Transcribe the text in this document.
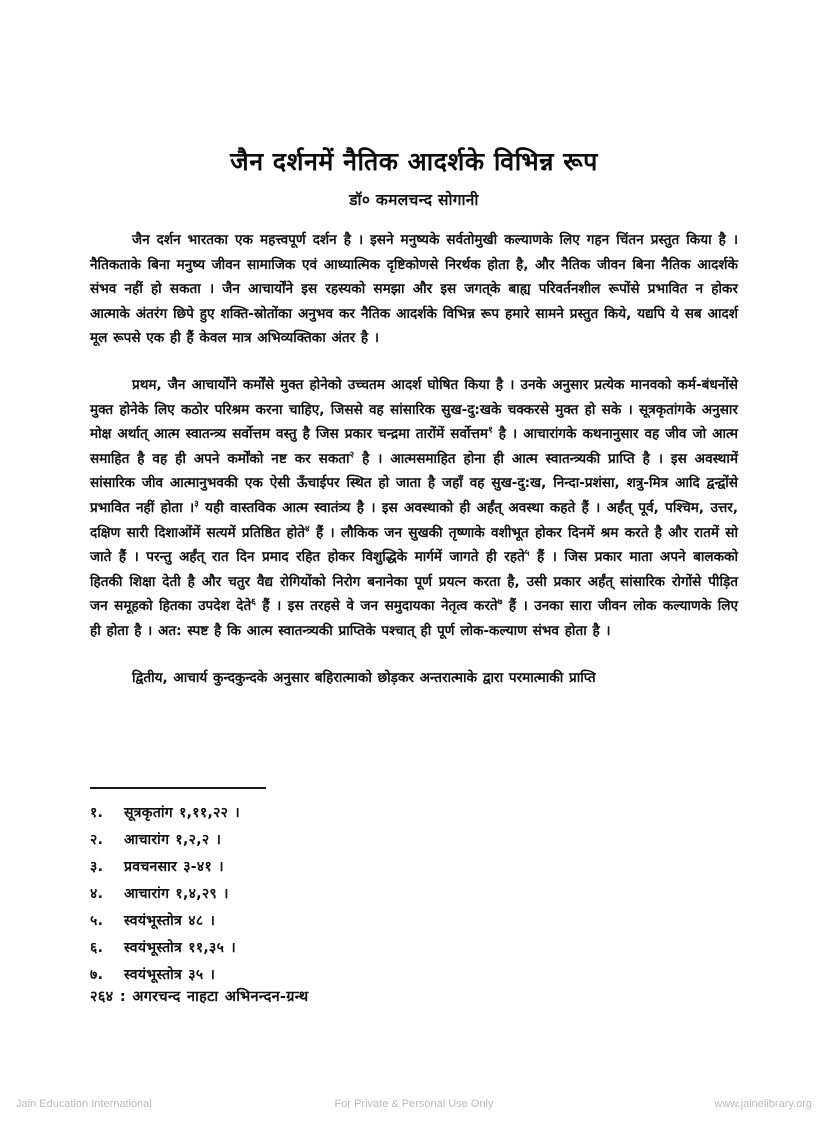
जैन दर्शनमें नैतिक आदर्शके विभिन्न रूप
डॉ० कमलचन्द सोगानी

जैन दर्शन भारतका एक महत्त्वपूर्ण दर्शन है । इसने मनुष्यके सर्वतोमुखी कल्याणके लिए गहन चिंतन प्रस्तुत किया है । नैतिकताके बिना मनुष्य जीवन सामाजिक एवं आध्यात्मिक दृष्टिकोणसे निरर्थक होता है, और नैतिक जीवन बिना नैतिक आदर्शके संभव नहीं हो सकता । जैन आचार्योंने इस रहस्यको समझा और इस जगत्‌के बाह्य परिवर्तनशील रूपोंसे प्रभावित न होकर आत्माके अंतरंग छिपे हुए शक्ति-स्रोतोंका अनुभव कर नैतिक आदर्शके विभिन्न रूप हमारे सामने प्रस्तुत किये, यद्यपि ये सब आदर्श मूल रूपसे एक ही हैं केवल मात्र अभिव्यक्तिका अंतर है ।

प्रथम, जैन आचार्योंने कर्मोंसे मुक्त होनेको उच्चतम आदर्श घोषित किया है । उनके अनुसार प्रत्येक मानवको कर्म-बंधनोंसे मुक्त होनेके लिए कठोर परिश्रम करना चाहिए, जिससे वह सांसारिक सुख-दु:खके चक्करसे मुक्त हो सके । सूत्रकृतांगके अनुसार मोक्ष अर्थात् आत्म स्वातन्त्र्य सर्वोत्तम वस्तु है जिस प्रकार चन्द्रमा तारोंमें सर्वोत्तम$^१$ है । आचारांगके कथनानुसार वह जीव जो आत्म समाहित है वह ही अपने कर्मोंको नष्ट कर सकता$^२$ है । आत्मसमाहित होना ही आत्म स्वातन्त्र्यकी प्राप्ति है । इस अवस्थामें सांसारिक जीव आत्मानुभवकी एक ऐसी ऊँचाईपर स्थित हो जाता है जहाँ वह सुख-दु:ख, निन्दा-प्रशंसा, शत्रु-मित्र आदि द्वन्द्वोंसे प्रभावित नहीं होता ।$^३$ यही वास्तविक आत्म स्वातंत्र्य है । इस अवस्थाको ही अर्हंत् अवस्था कहते हैं । अर्हंत् पूर्व, पश्चिम, उत्तर, दक्षिण सारी दिशाओंमें सत्यमें प्रतिष्ठित होते$^४$ हैं । लौकिक जन सुखकी तृष्णाके वशीभूत होकर दिनमें श्रम करते है और रातमें सो जाते हैं । परन्तु अर्हंत् रात दिन प्रमाद रहित होकर विशुद्धिके मार्गमें जागते ही रहते$^५$ हैं । जिस प्रकार माता अपने बालकको हितकी शिक्षा देती है और चतुर वैद्य रोगियोंको निरोग बनानेका पूर्ण प्रयत्न करता है, उसी प्रकार अर्हंत् सांसारिक रोगोंसे पीड़ित जन समूहको हितका उपदेश देते$^६$ हैं । इस तरहसे वे जन समुदायका नेतृत्व करते$^७$ हैं । उनका सारा जीवन लोक कल्याणके लिए ही होता है । अत: स्पष्ट है कि आत्म स्वातन्त्र्यकी प्राप्तिके पश्चात् ही पूर्ण लोक-कल्याण संभव होता है ।

द्वितीय, आचार्य कुन्दकुन्दके अनुसार बहिरात्माको छोड़कर अन्तरात्माके द्वारा परमात्माकी प्राप्ति

१.	सूत्रकृतांग १,११,२२ ।
२.	आचारांग १,२,२ ।
३.	प्रवचनसार ३-४१ ।
४.	आचारांग १,४,२९ ।
५.	स्वयंभूस्तोत्र ४८ ।
६.	स्वयंभूस्तोत्र ११,३५ ।
७.	स्वयंभूस्तोत्र ३५ ।
२६४ : अगरचन्द नाहटा अभिनन्दन-ग्रन्थ
Jain Education International	For Private & Personal Use Only	www.jainelibrary.org
